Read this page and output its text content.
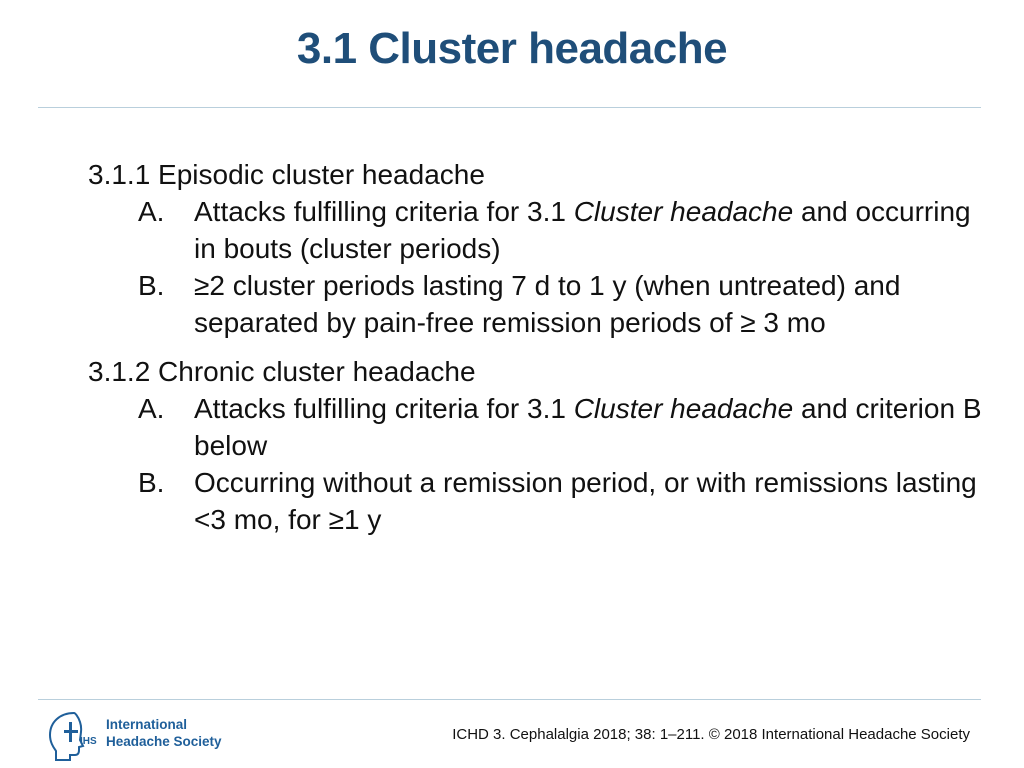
3.1 Cluster headache
3.1.1 Episodic cluster headache
A. Attacks fulfilling criteria for 3.1 Cluster headache and occurring in bouts (cluster periods)
B. ≥2 cluster periods lasting 7 d to 1 y (when untreated) and separated by pain-free remission periods of ≥ 3 mo
3.1.2 Chronic cluster headache
A. Attacks fulfilling criteria for 3.1 Cluster headache and criterion B below
B. Occurring without a remission period, or with remissions lasting <3 mo, for ≥1 y
IHS
International
Headache Society	ICHD 3. Cephalalgia 2018; 38: 1–211. © 2018 International Headache Society
